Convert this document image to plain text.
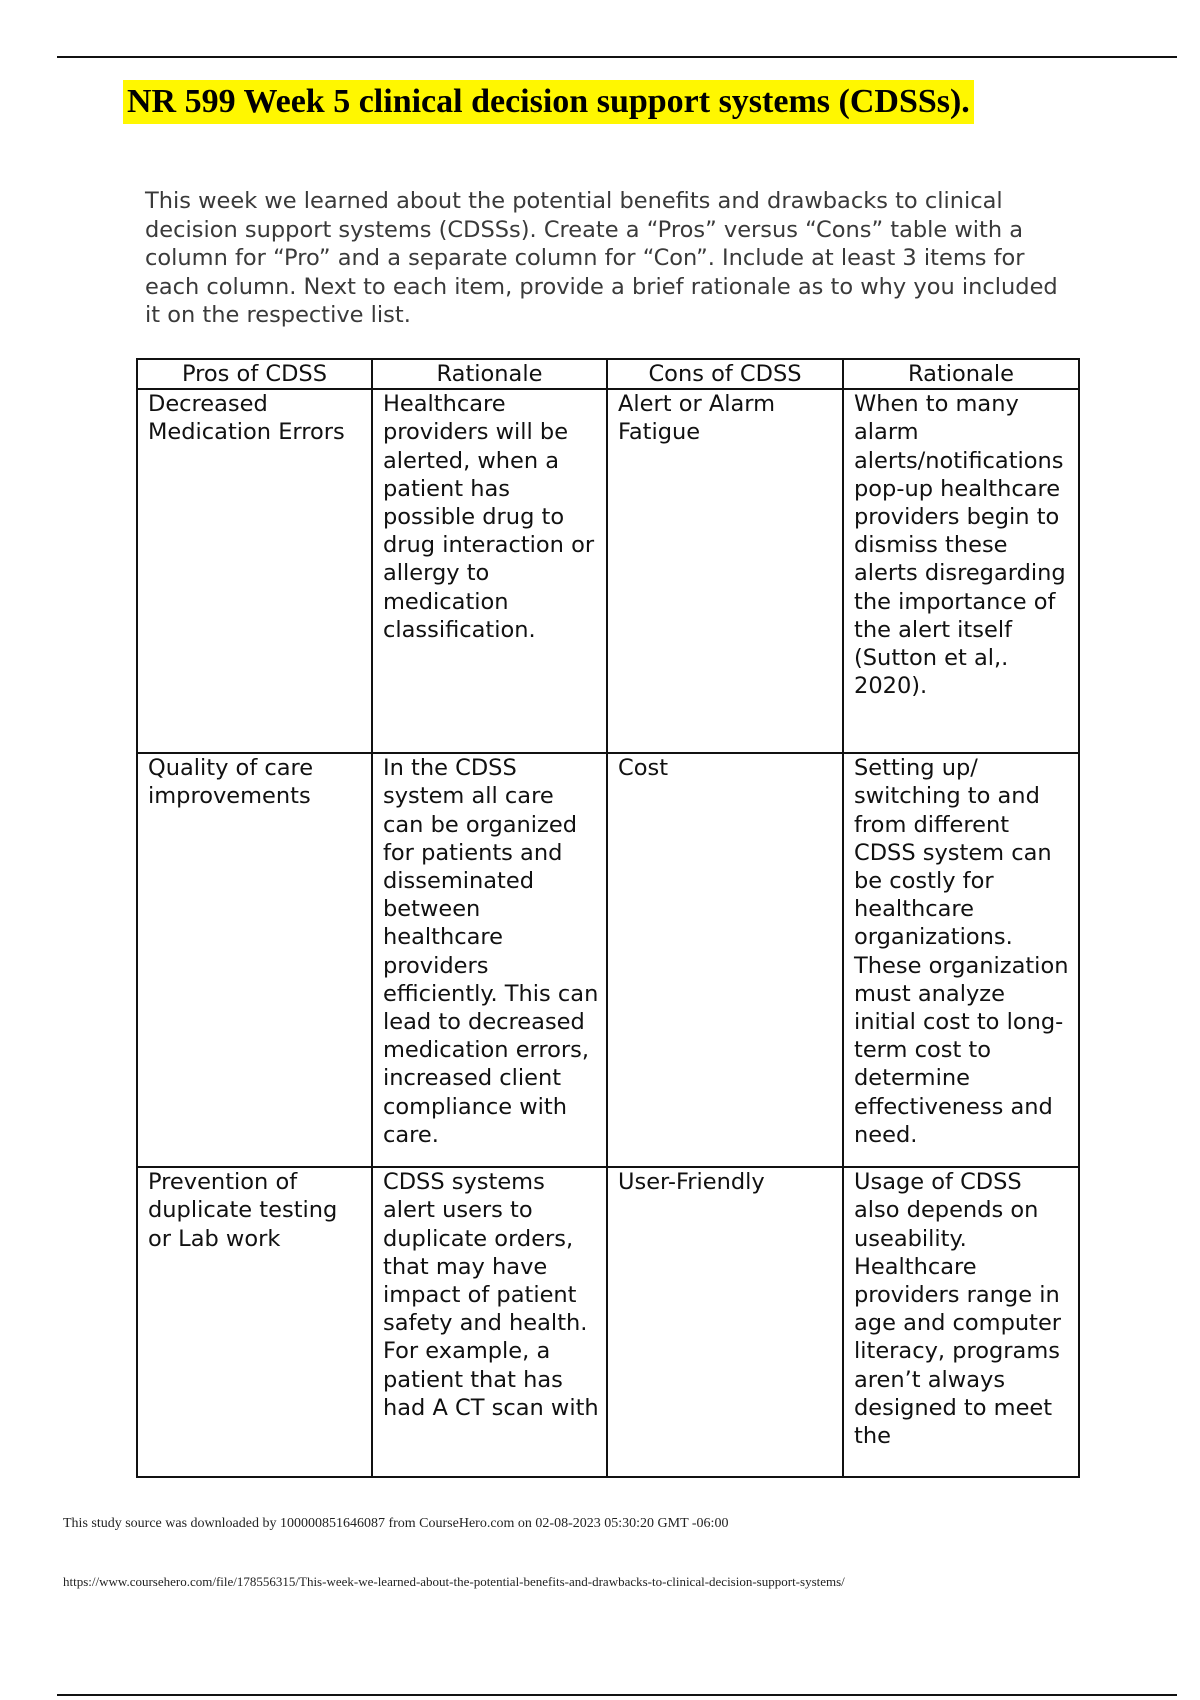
NR 599 Week 5 clinical decision support systems (CDSSs).

This week we learned about the potential benefits and drawbacks to clinical decision support systems (CDSSs). Create a “Pros” versus “Cons” table with a column for “Pro” and a separate column for “Con”. Include at least 3 items for each column. Next to each item, provide a brief rationale as to why you included it on the respective list.

Pros of CDSS	Rationale	Cons of CDSS	Rationale
Decreased Medication Errors	Healthcare providers will be alerted, when a patient has possible drug to drug interaction or allergy to medication classification.	Alert or Alarm Fatigue	When to many alarm alerts/notifications pop-up healthcare providers begin to dismiss these alerts disregarding the importance of the alert itself (Sutton et al,. 2020).
Quality of care improvements	In the CDSS system all care can be organized for patients and disseminated between healthcare providers efficiently. This can lead to decreased medication errors, increased client compliance with care.	Cost	Setting up/ switching to and from different CDSS system can be costly for healthcare organizations. These organization must analyze initial cost to long-term cost to determine effectiveness and need.
Prevention of duplicate testing or Lab work	CDSS systems alert users to duplicate orders, that may have impact of patient safety and health. For example, a patient that has had A CT scan with	User-Friendly	Usage of CDSS also depends on useability. Healthcare providers range in age and computer literacy, programs aren’t always designed to meet the

This study source was downloaded by 100000851646087 from CourseHero.com on 02-08-2023 05:30:20 GMT -06:00

https://www.coursehero.com/file/178556315/This-week-we-learned-about-the-potential-benefits-and-drawbacks-to-clinical-decision-support-systems/
